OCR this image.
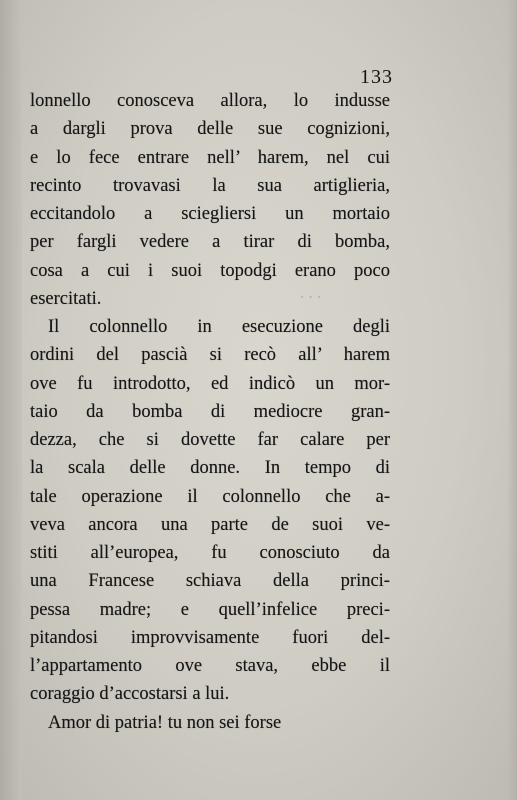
. . .
133
lonnello conosceva allora, lo indusse
a dargli prova delle sue cognizioni,
e lo fece entrare nell’ harem, nel cui
recinto trovavasi la sua artiglieria,
eccitandolo a sciegliersi un mortaio
per fargli vedere a tirar di bomba,
cosa a cui i suoi topodgi erano poco
esercitati.
Il colonnello in esecuzione degli
ordini del pascià si recò all’ harem
ove fu introdotto, ed indicò un mor-
taio da bomba di mediocre gran-
dezza, che si dovette far calare per
la scala delle donne. In tempo di
tale operazione il colonnello che a-
veva ancora una parte de suoi ve-
stiti all’europea, fu conosciuto da
una Francese schiava della princi-
pessa madre; e quell’infelice preci-
pitandosi improvvisamente fuori del-
l’appartamento ove stava, ebbe il
coraggio d’accostarsi a lui.
Amor di patria! tu non sei forse
